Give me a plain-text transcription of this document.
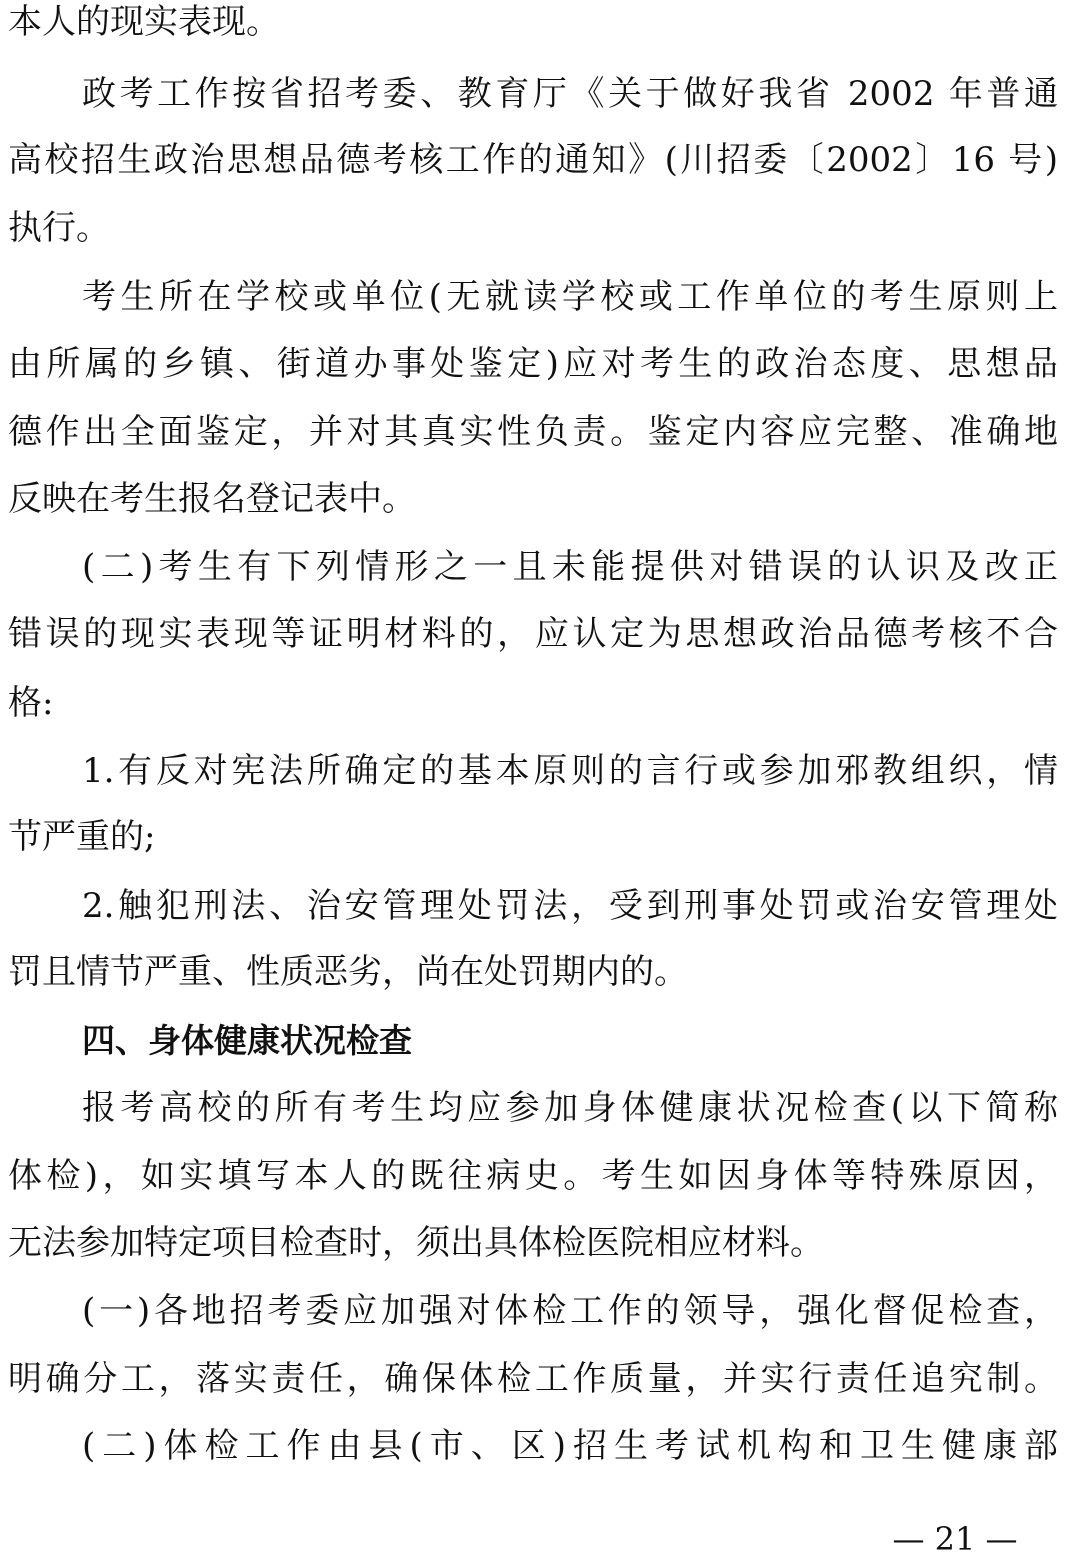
本人的现实表现。
政考工作按省招考委、教育厅《关于做好我省 2002 年普通
高校招生政治思想品德考核工作的通知》(川招委〔2002〕16 号)
执行。
考生所在学校或单位(无就读学校或工作单位的考生原则上
由所属的乡镇、街道办事处鉴定)应对考生的政治态度、思想品
德作出全面鉴定，并对其真实性负责。鉴定内容应完整、准确地
反映在考生报名登记表中。
(二)考生有下列情形之一且未能提供对错误的认识及改正
错误的现实表现等证明材料的，应认定为思想政治品德考核不合
格:
1.有反对宪法所确定的基本原则的言行或参加邪教组织，情
节严重的;
2.触犯刑法、治安管理处罚法，受到刑事处罚或治安管理处
罚且情节严重、性质恶劣，尚在处罚期内的。
四、身体健康状况检查
报考高校的所有考生均应参加身体健康状况检查(以下简称
体检)，如实填写本人的既往病史。考生如因身体等特殊原因，
无法参加特定项目检查时，须出具体检医院相应材料。
(一)各地招考委应加强对体检工作的领导，强化督促检查，
明确分工，落实责任，确保体检工作质量，并实行责任追究制。
(二)体检工作由县(市、区)招生考试机构和卫生健康部
— 21 —
